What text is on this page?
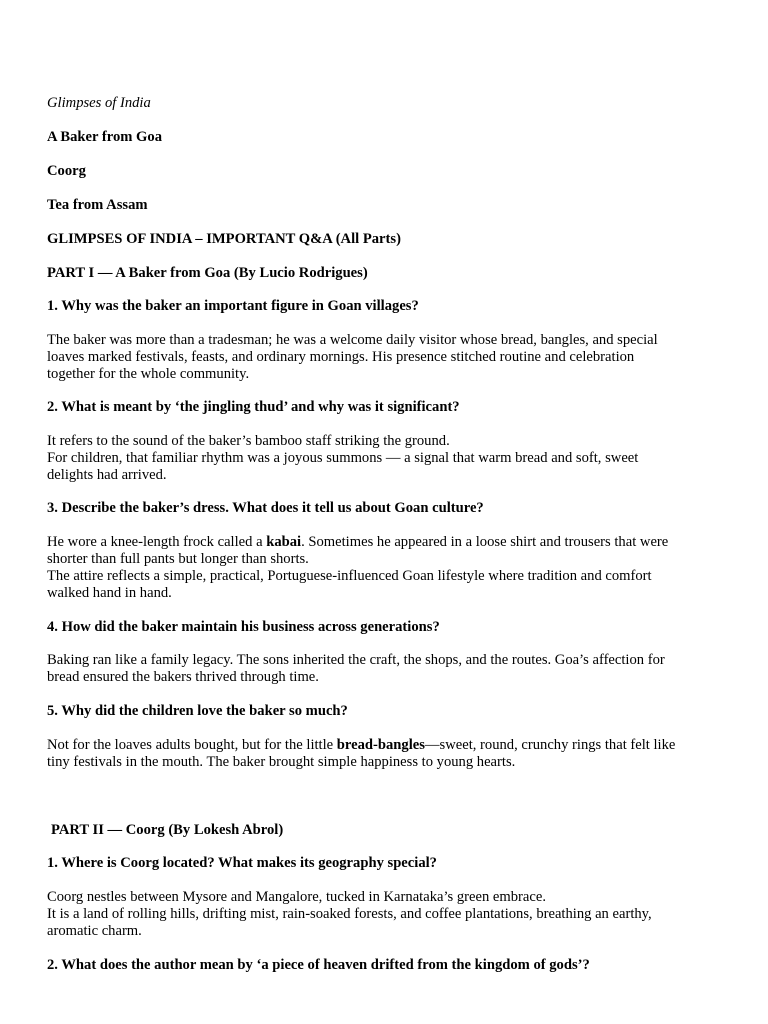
Glimpses of India
A Baker from Goa
Coorg
Tea from Assam
GLIMPSES OF INDIA – IMPORTANT Q&A (All Parts)
PART I — A Baker from Goa (By Lucio Rodrigues)
1. Why was the baker an important figure in Goan villages?
The baker was more than a tradesman; he was a welcome daily visitor whose bread, bangles, and special
loaves marked festivals, feasts, and ordinary mornings. His presence stitched routine and celebration
together for the whole community.
2. What is meant by ‘the jingling thud’ and why was it significant?
It refers to the sound of the baker’s bamboo staff striking the ground.
For children, that familiar rhythm was a joyous summons — a signal that warm bread and soft, sweet
delights had arrived.
3. Describe the baker’s dress. What does it tell us about Goan culture?
He wore a knee-length frock called a kabai. Sometimes he appeared in a loose shirt and trousers that were
shorter than full pants but longer than shorts.
The attire reflects a simple, practical, Portuguese-influenced Goan lifestyle where tradition and comfort
walked hand in hand.
4. How did the baker maintain his business across generations?
Baking ran like a family legacy. The sons inherited the craft, the shops, and the routes. Goa’s affection for
bread ensured the bakers thrived through time.
5. Why did the children love the baker so much?
Not for the loaves adults bought, but for the little bread-bangles—sweet, round, crunchy rings that felt like
tiny festivals in the mouth. The baker brought simple happiness to young hearts.
PART II — Coorg (By Lokesh Abrol)
1. Where is Coorg located? What makes its geography special?
Coorg nestles between Mysore and Mangalore, tucked in Karnataka’s green embrace.
It is a land of rolling hills, drifting mist, rain-soaked forests, and coffee plantations, breathing an earthy,
aromatic charm.
2. What does the author mean by ‘a piece of heaven drifted from the kingdom of gods’?
